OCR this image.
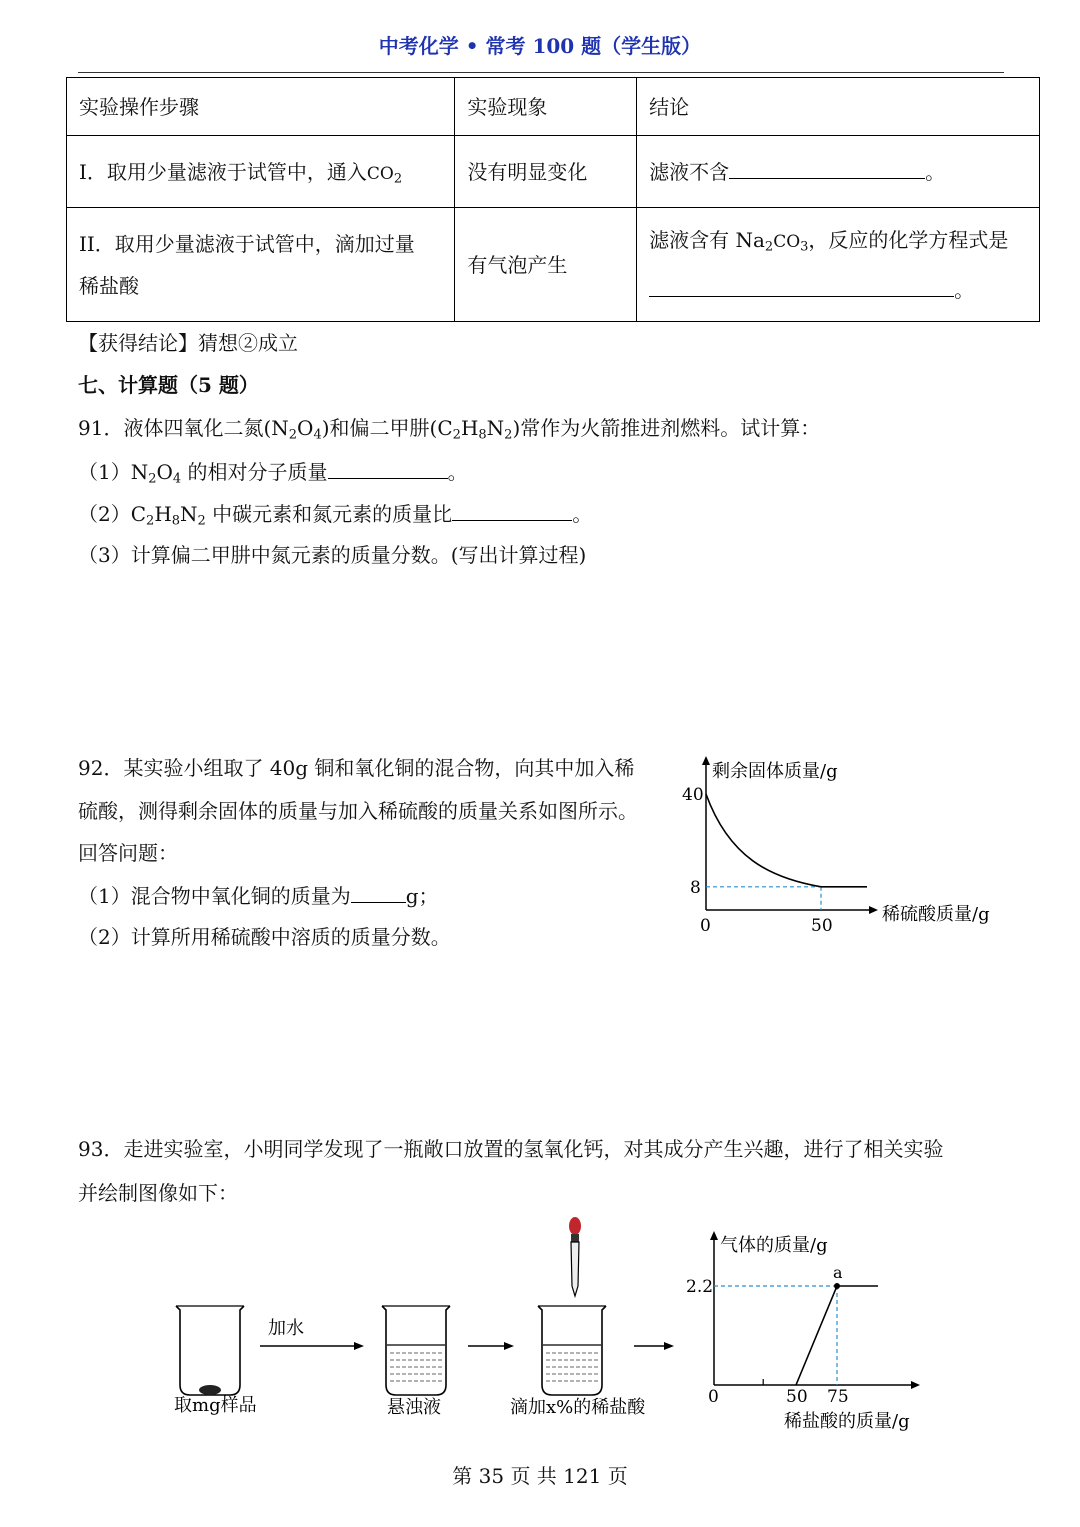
中考化学 • 常考 100 题（学生版）
实验操作步骤	实验现象	结论
I．取用少量滤液于试管中，通入$CO_2$	没有明显变化	滤液不含 。
II．取用少量滤液于试管中，滴加过量
稀盐酸	有气泡产生	滤液含有 $Na_2CO_3$，反应的化学方程式是
。
【获得结论】猜想②成立
七、计算题（5 题）
91．液体四氧化二氮$(N_2O_4)$和偏二甲肼$(C_2H_8N_2)$常作为火箭推进剂燃料。试计算：
$(1)N_2O_4$ 的相对分子质量	。
$(2)C_2H_8N_2$ 中碳元素和氮元素的质量比	。
（3）计算偏二甲肼中氮元素的质量分数。(写出计算过程)
92．某实验小组取了 40g 铜和氧化铜的混合物，向其中加入稀
硫酸，测得剩余固体的质量与加入稀硫酸的质量关系如图所示。
回答问题：
（1）混合物中氧化铜的质量为	g；
（2）计算所用稀硫酸中溶质的质量分数。
剩余固体质量/g
稀硫酸质量/g
40
8
0	50
93．走进实验室，小明同学发现了一瓶敞口放置的氢氧化钙，对其成分产生兴趣，进行了相关实验
并绘制图像如下：
取mg样品
加水
悬浊液	滴加x%的稀盐酸
气体的质量/g
稀盐酸的质量/g
a
2.2
0	50 75
第 35 页 共 121 页
